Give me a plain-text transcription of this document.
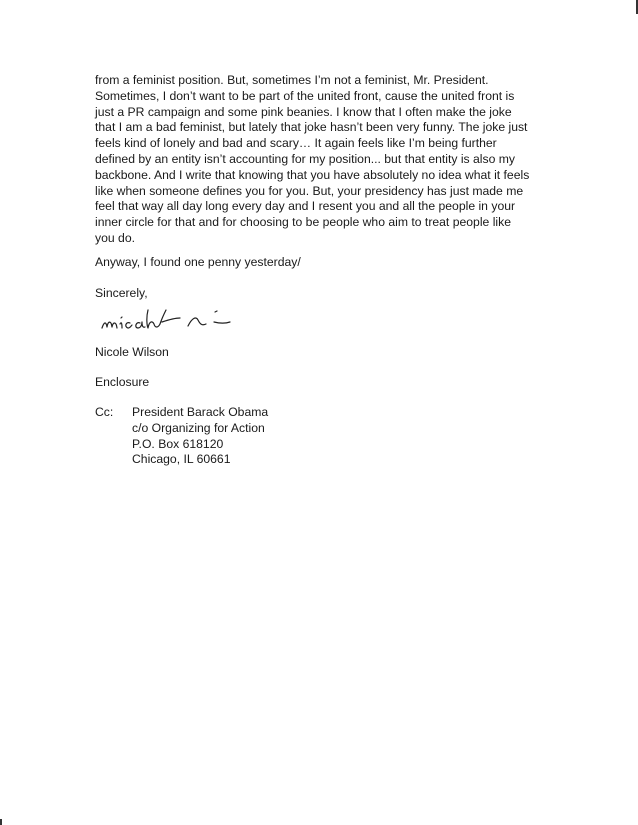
from a feminist position. But, sometimes I’m not a feminist, Mr. President.
Sometimes, I don’t want to be part of the united front, cause the united front is
just a PR campaign and some pink beanies. I know that I often make the joke
that I am a bad feminist, but lately that joke hasn’t been very funny. The joke just
feels kind of lonely and bad and scary… It again feels like I’m being further
defined by an entity isn’t accounting for my position... but that entity is also my
backbone. And I write that knowing that you have absolutely no idea what it feels
like when someone defines you for you. But, your presidency has just made me
feel that way all day long every day and I resent you and all the people in your
inner circle for that and for choosing to be people who aim to treat people like
you do.
Anyway, I found one penny yesterday/
Sincerely,
Nicole Wilson
Enclosure
Cc: President Barack Obama
c/o Organizing for Action
P.O. Box 618120
Chicago, IL 60661
